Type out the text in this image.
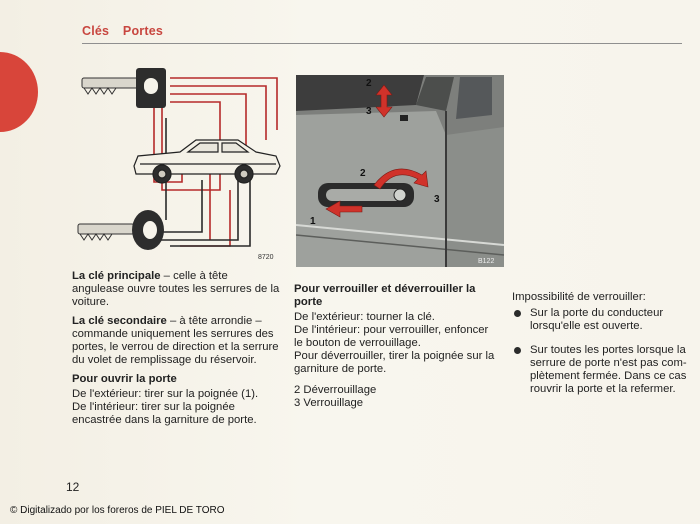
Clés Portes
8720
1
2
3
2
3
B122

La clé principale – celle à tête angulease ouvre toutes les serrures de la voiture.

La clé secondaire – à tête arrondie – commande uniquement les serrures des portes, le verrou de direction et la serrure du volet de remplissage du réservoir.

Pour ouvrir la porte
De l'extérieur: tirer sur la poignée (1).
De l'intérieur: tirer sur la poignée encastrée dans la garniture de porte.
Pour verrouiller et déverrouiller la porte
De l'extérieur: tourner la clé.
De l'intérieur: pour verrouiller, enfoncer le bouton de verrouillage.
Pour déverrouiller, tirer la poignée sur la garniture de porte.
2 Déverrouillage
3 Verrouillage
Impossibilité de verrouiller:
Sur la porte du conducteur
lorsqu'elle est ouverte.
Sur toutes les portes lorsque la
serrure de porte n'est pas com-
plètement fermée. Dans ce cas
rouvrir la porte et la refermer.
12
© Digitalizado por los foreros de PIEL DE TORO
